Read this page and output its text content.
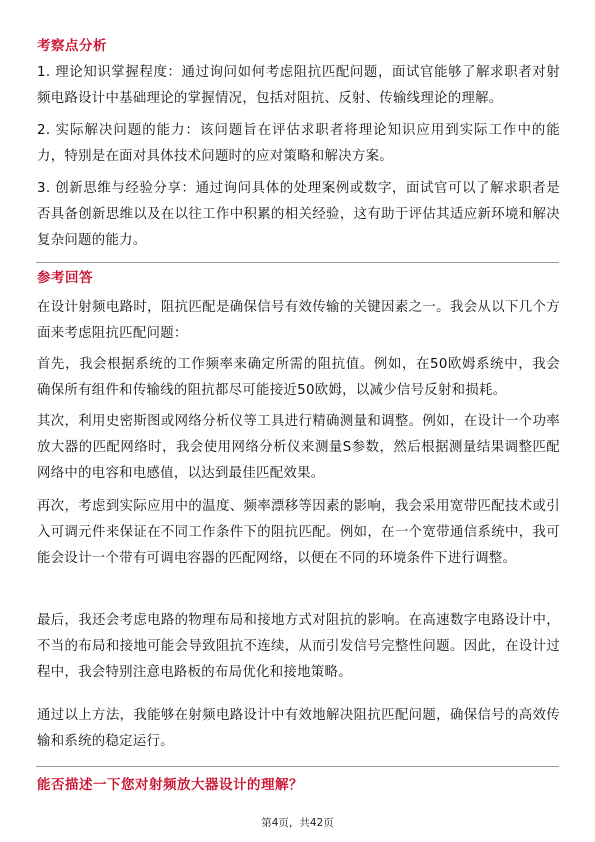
考察点分析

1. 理论知识掌握程度：通过询问如何考虑阻抗匹配问题，面试官能够了解求职者对射频电路设计中基础理论的掌握情况，包括对阻抗、反射、传输线理论的理解。

2. 实际解决问题的能力：该问题旨在评估求职者将理论知识应用到实际工作中的能力，特别是在面对具体技术问题时的应对策略和解决方案。

3. 创新思维与经验分享：通过询问具体的处理案例或数字，面试官可以了解求职者是否具备创新思维以及在以往工作中积累的相关经验，这有助于评估其适应新环境和解决复杂问题的能力。

参考回答

在设计射频电路时，阻抗匹配是确保信号有效传输的关键因素之一。我会从以下几个方面来考虑阻抗匹配问题：

首先，我会根据系统的工作频率来确定所需的阻抗值。例如，在50欧姆系统中，我会确保所有组件和传输线的阻抗都尽可能接近50欧姆，以减少信号反射和损耗。

其次，利用史密斯图或网络分析仪等工具进行精确测量和调整。例如，在设计一个功率放大器的匹配网络时，我会使用网络分析仪来测量S参数，然后根据测量结果调整匹配网络中的电容和电感值，以达到最佳匹配效果。

再次，考虑到实际应用中的温度、频率漂移等因素的影响，我会采用宽带匹配技术或引入可调元件来保证在不同工作条件下的阻抗匹配。例如，在一个宽带通信系统中，我可能会设计一个带有可调电容器的匹配网络，以便在不同的环境条件下进行调整。

最后，我还会考虑电路的物理布局和接地方式对阻抗的影响。在高速数字电路设计中，不当的布局和接地可能会导致阻抗不连续，从而引发信号完整性问题。因此，在设计过程中，我会特别注意电路板的布局优化和接地策略。

通过以上方法，我能够在射频电路设计中有效地解决阻抗匹配问题，确保信号的高效传输和系统的稳定运行。

能否描述一下您对射频放大器设计的理解？
第4页，共42页
